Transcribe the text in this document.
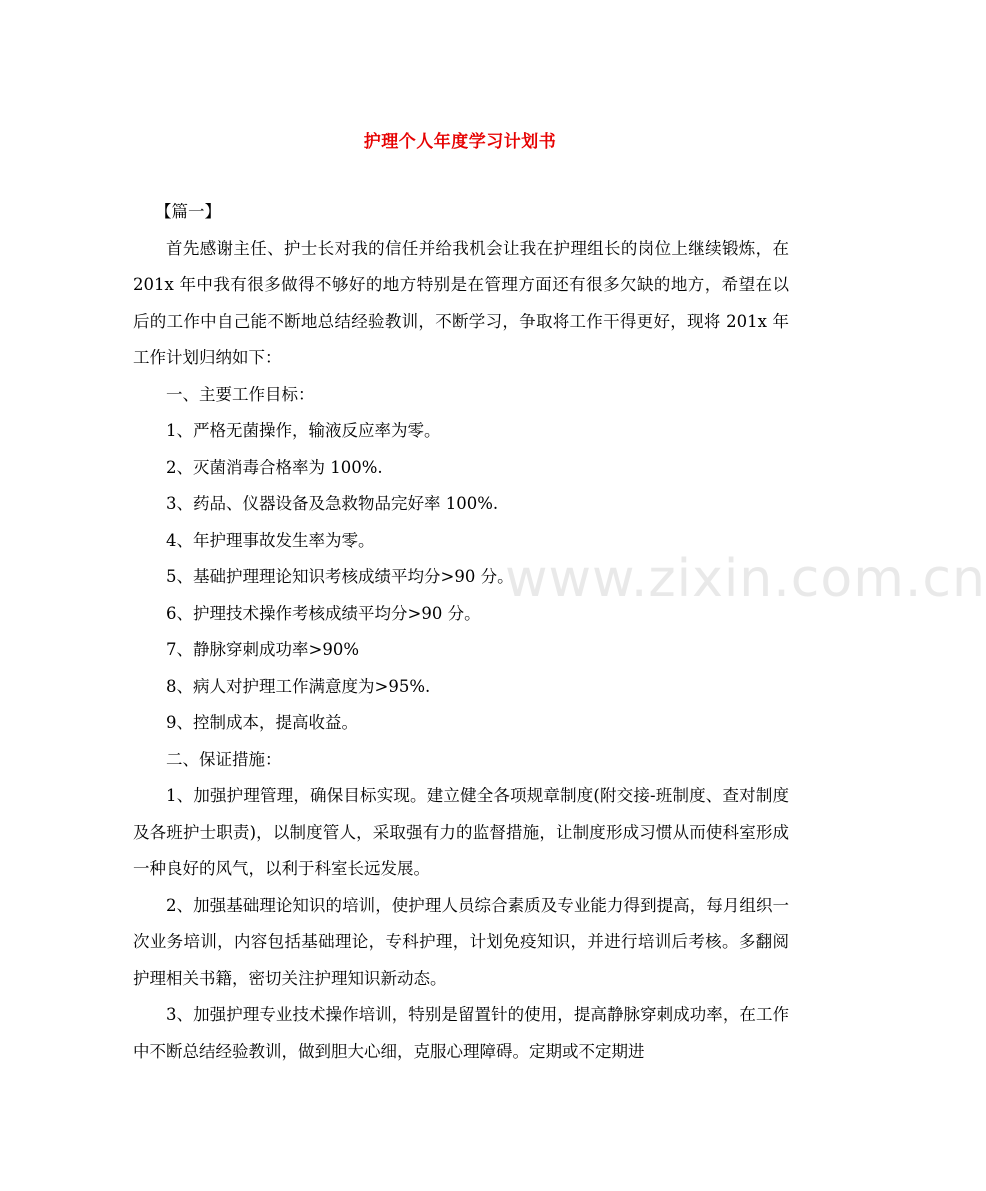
www.zixin.com.cn
护理个人年度学习计划书

【篇一】

首先感谢主任、护士长对我的信任并给我机会让我在护理组长的岗位上继续锻炼，在 201x 年中我有很多做得不够好的地方特别是在管理方面还有很多欠缺的地方，希望在以后的工作中自己能不断地总结经验教训，不断学习，争取将工作干得更好，现将 201x 年工作计划归纳如下：

一、主要工作目标：

1、严格无菌操作，输液反应率为零。

2、灭菌消毒合格率为 100%.

3、药品、仪器设备及急救物品完好率 100%.

4、年护理事故发生率为零。

5、基础护理理论知识考核成绩平均分>90 分。

6、护理技术操作考核成绩平均分>90 分。

7、静脉穿刺成功率>90%

8、病人对护理工作满意度为>95%.

9、控制成本，提高收益。

二、保证措施：

1、加强护理管理，确保目标实现。建立健全各项规章制度(附交接-班制度、查对制度及各班护士职责)，以制度管人，采取强有力的监督措施，让制度形成习惯从而使科室形成一种良好的风气，以利于科室长远发展。

2、加强基础理论知识的培训，使护理人员综合素质及专业能力得到提高，每月组织一次业务培训，内容包括基础理论，专科护理，计划免疫知识，并进行培训后考核。多翻阅护理相关书籍，密切关注护理知识新动态。

3、加强护理专业技术操作培训，特别是留置针的使用，提高静脉穿刺成功率，在工作中不断总结经验教训，做到胆大心细，克服心理障碍。定期或不定期进
